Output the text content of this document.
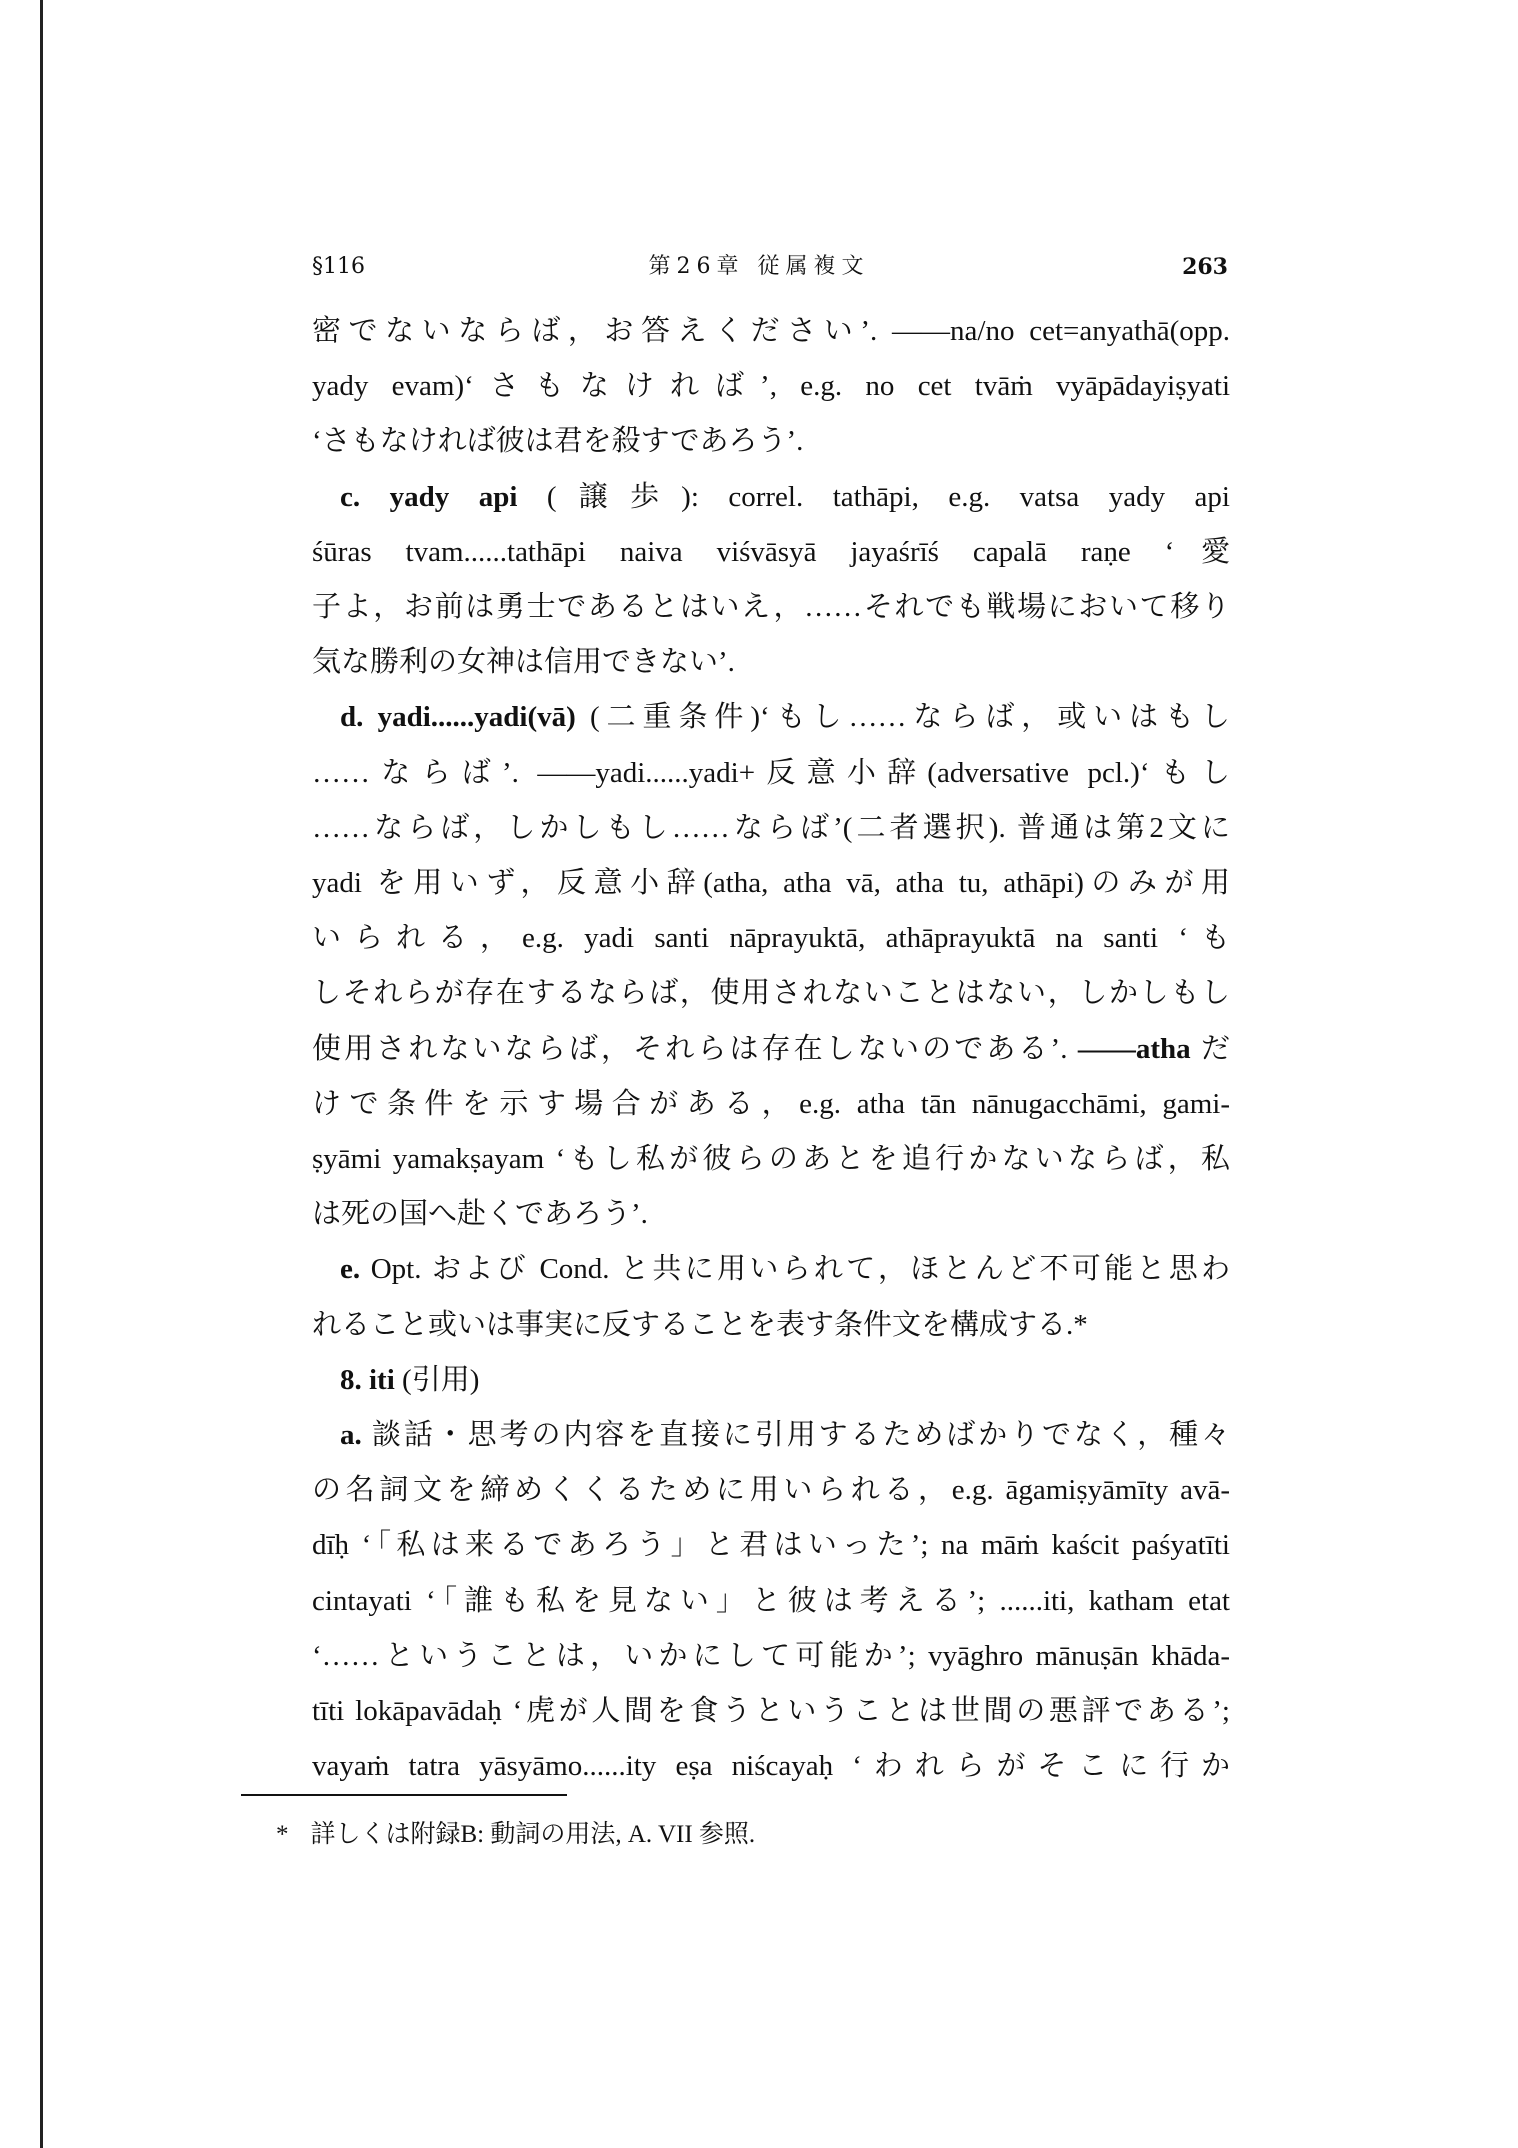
§116	第26章 従属複文	263
密でないならば，お答えください’. ——na/no cet=anyathā(opp.
yady evam)‘さもなければ’, e.g. no cet tvāṁ vyāpādayiṣyati
‘さもなければ彼は君を殺すであろう’.
c. yady api (譲歩): correl. tathāpi, e.g. vatsa yady api
śūras tvam......tathāpi naiva viśvāsyā jayaśrīś capalā raṇe ‘愛
子よ，お前は勇士であるとはいえ，……それでも戦場において移り
気な勝利の女神は信用できない’.
d. yadi......yadi(vā) (二重条件)‘もし……ならば，或いはもし
……ならば’. ——yadi......yadi+反意小辞(adversative pcl.)‘もし
……ならば，しかしもし……ならば’(二者選択). 普通は第2文に
yadi を用いず，反意小辞(atha, atha vā, atha tu, athāpi)のみが用
いられる，e.g. yadi santi nāprayuktā, athāprayuktā na santi ‘も
しそれらが存在するならば，使用されないことはない，しかしもし
使用されないならば，それらは存在しないのである’. ——atha だ
けで条件を示す場合がある，e.g. atha tān nānugacchāmi, gami-
ṣyāmi yamakṣayam ‘もし私が彼らのあとを追行かないならば，私
は死の国へ赴くであろう’.
e. Opt. および Cond. と共に用いられて，ほとんど不可能と思わ
れること或いは事実に反することを表す条件文を構成する.*
8. iti (引用)
a. 談話・思考の内容を直接に引用するためばかりでなく，種々
の名詞文を締めくくるために用いられる，e.g. āgamiṣyāmīty avā-
dīḥ ‘「私は来るであろう」と君はいった’; na māṁ kaścit paśyatīti
cintayati ‘「誰も私を見ない」と彼は考える’; ......iti, katham etat
‘……ということは，いかにして可能か’; vyāghro mānuṣān khāda-
tīti lokāpavādaḥ ‘虎が人間を食うということは世間の悪評である’;
vayaṁ tatra yāsyāmo......ity eṣa niścayaḥ ‘われらがそこに行か
* 詳しくは附録B: 動詞の用法, A. VII 参照.
